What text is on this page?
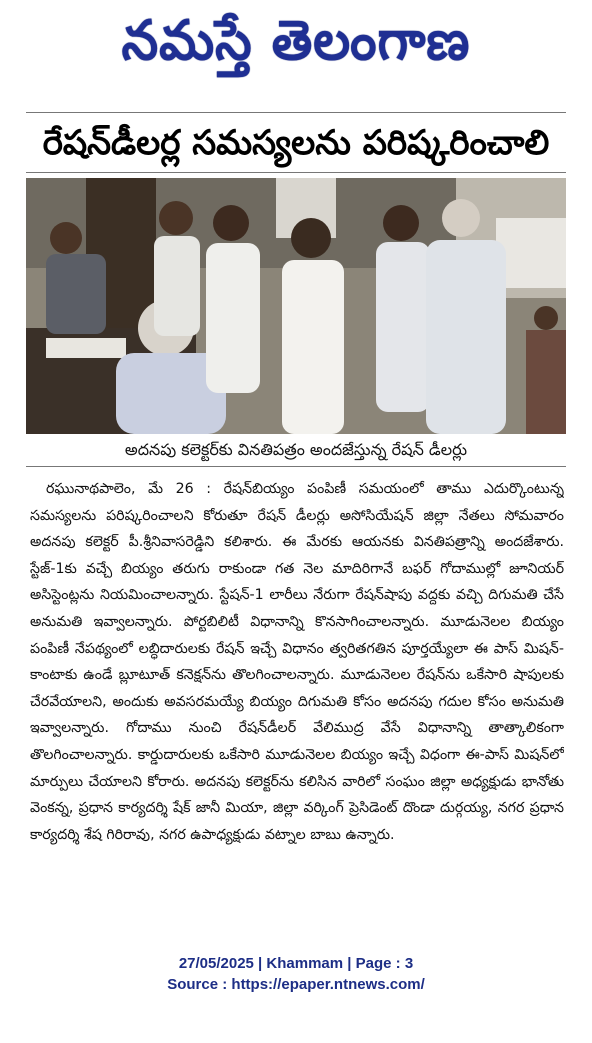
నమస్తే తెలంగాణ
రేషన్‌డీలర్ల సమస్యలను పరిష్కరించాలి
అదనపు కలెక్టర్‌కు వినతిపత్రం అందజేస్తున్న రేషన్ డీలర్లు

రఘునాథపాలెం, మే 26 : రేషన్‌బియ్యం పంపిణీ సమయంలో తాము ఎదుర్కొంటున్న సమస్యలను పరిష్కరించాలని కోరుతూ రేషన్ డీలర్లు అసోసియేషన్ జిల్లా నేతలు సోమవారం అదనపు కలెక్టర్ పీ.శ్రీనివాసరెడ్డిని కలిశారు. ఈ మేరకు ఆయనకు వినతిపత్రాన్ని అందజేశారు. స్టేజ్-1కు వచ్చే బియ్యం తరుగు రాకుండా గత నెల మాదిరిగానే బఫర్ గోదాముల్లో జూనియర్ అసిస్టెంట్లను నియమించాలన్నారు. స్టేషన్-1 లారీలు నేరుగా రేషన్‌షాపు వద్దకు వచ్చి దిగుమతి చేసే అనుమతి ఇవ్వాలన్నారు. పోర్టబిలిటీ విధానాన్ని కొనసాగించాలన్నారు. మూడునెలల బియ్యం పంపిణీ నేపథ్యంలో లబ్ధిదారులకు రేషన్ ఇచ్చే విధానం త్వరితగతిన పూర్తయ్యేలా ఈ పాస్ మిషన్-కాంటాకు ఉండే బ్లూటూత్ కనెక్షన్‌ను తొలగించాలన్నారు. మూడునెలల రేషన్‌ను ఒకేసారి షాపులకు చేరవేయాలని, అందుకు అవసరమయ్యే బియ్యం దిగుమతి కోసం అదనపు గదుల కోసం అనుమతి ఇవ్వాలన్నారు. గోదాము నుంచి రేషన్‌డీలర్ వేలిముద్ర వేసే విధానాన్ని తాత్కాలికంగా తొలగించాలన్నారు. కార్డుదారులకు ఒకేసారి మూడునెలల బియ్యం ఇచ్చే విధంగా ఈ-పాస్ మిషన్‌లో మార్పులు చేయాలని కోరారు. అదనపు కలెక్టర్‌ను కలిసిన వారిలో సంఘం జిల్లా అధ్యక్షుడు భానోతు వెంకన్న, ప్రధాన కార్యదర్శి షేక్ జానీ మియా, జిల్లా వర్కింగ్ ప్రెసిడెంట్ దొండా దుర్గయ్య, నగర ప్రధాన కార్యదర్శి శేష గిరిరావు, నగర ఉపాధ్యక్షుడు వట్నాల బాబు ఉన్నారు.

27/05/2025 | Khammam | Page : 3
Source : https://epaper.ntnews.com/
